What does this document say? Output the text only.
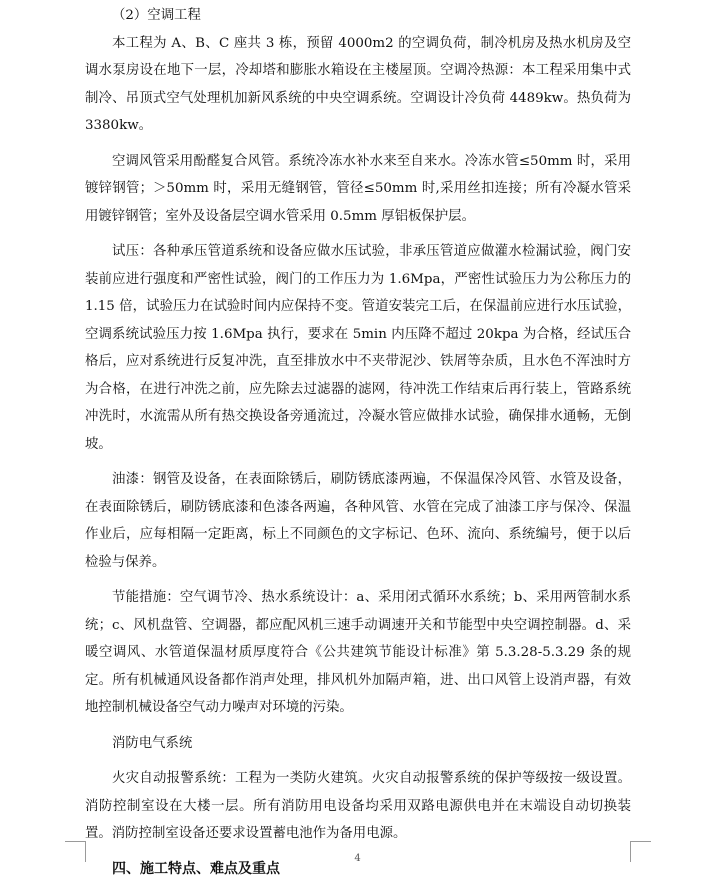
（2）空调工程

本工程为 A、B、C 座共 3 栋，预留 4000m2 的空调负荷，制冷机房及热水机房及空调水泵房设在地下一层，冷却塔和膨胀水箱设在主楼屋顶。空调冷热源：本工程采用集中式制冷、吊顶式空气处理机加新风系统的中央空调系统。空调设计冷负荷 4489kw。热负荷为 3380kw。

空调风管采用酚醛复合风管。系统冷冻水补水来至自来水。冷冻水管≤50mm 时，采用镀锌钢管；＞50mm 时，采用无缝钢管，管径≤50mm 时,采用丝扣连接；所有冷凝水管采用镀锌钢管；室外及设备层空调水管采用 0.5mm 厚铝板保护层。

试压：各种承压管道系统和设备应做水压试验，非承压管道应做灌水检漏试验，阀门安装前应进行强度和严密性试验，阀门的工作压力为 1.6Mpa，严密性试验压力为公称压力的 1.15 倍，试验压力在试验时间内应保持不变。管道安装完工后，在保温前应进行水压试验，空调系统试验压力按 1.6Mpa 执行，要求在 5min 内压降不超过 20kpa 为合格，经试压合格后，应对系统进行反复冲洗，直至排放水中不夹带泥沙、铁屑等杂质，且水色不浑浊时方为合格，在进行冲洗之前，应先除去过滤器的滤网，待冲洗工作结束后再行装上，管路系统冲洗时，水流需从所有热交换设备旁通流过，冷凝水管应做排水试验，确保排水通畅，无倒坡。

油漆：钢管及设备，在表面除锈后，刷防锈底漆两遍，不保温保冷风管、水管及设备，在表面除锈后，刷防锈底漆和色漆各两遍，各种风管、水管在完成了油漆工序与保冷、保温作业后，应每相隔一定距离，标上不同颜色的文字标记、色环、流向、系统编号，便于以后检验与保养。

节能措施：空气调节冷、热水系统设计：a、采用闭式循环水系统；b、采用两管制水系统；c、风机盘管、空调器，都应配风机三速手动调速开关和节能型中央空调控制器。d、采暖空调风、水管道保温材质厚度符合《公共建筑节能设计标准》第 5.3.28-5.3.29 条的规定。所有机械通风设备都作消声处理，排风机外加隔声箱，进、出口风管上设消声器，有效地控制机械设备空气动力噪声对环境的污染。

消防电气系统

火灾自动报警系统：工程为一类防火建筑。火灾自动报警系统的保护等级按一级设置。消防控制室设在大楼一层。所有消防用电设备均采用双路电源供电并在末端设自动切换装置。消防控制室设备还要求设置蓄电池作为备用电源。

四、施工特点、难点及重点

4
